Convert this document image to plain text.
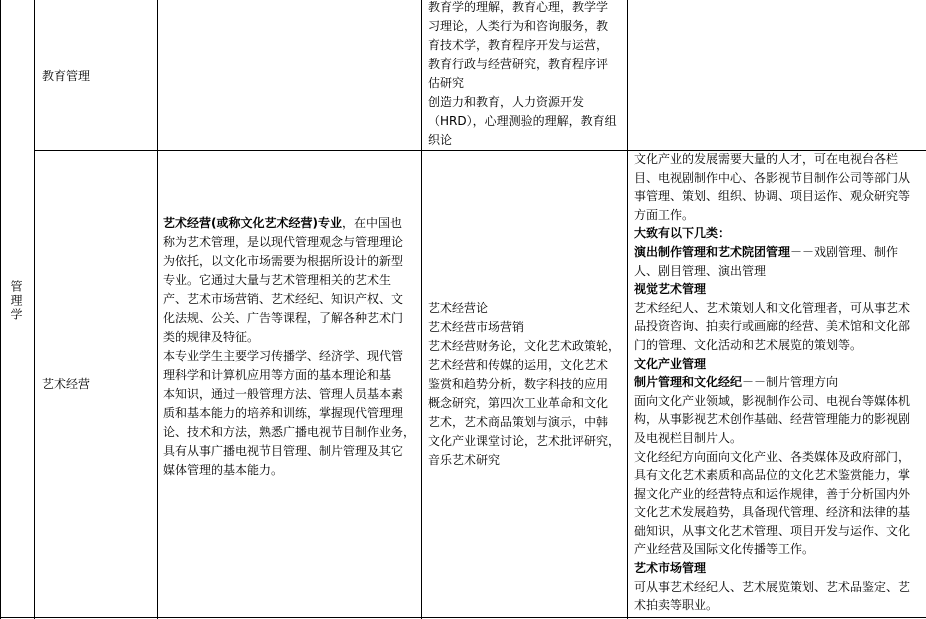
管理学
教育管理
教育学的理解，教育心理，教学学
习理论，人类行为和咨询服务，教
育技术学，教育程序开发与运营，
教育行政与经营研究，教育程序评
估研究
创造力和教育，人力资源开发
（HRD），心理测验的理解，教育组
织论
艺术经营
艺术经营(或称文化艺术经营)专业，在中国也
称为艺术管理，是以现代管理观念与管理理论
为依托，以文化市场需要为根据所设计的新型
专业。它通过大量与艺术管理相关的艺术生
产、艺术市场营销、艺术经纪、知识产权、文
化法规、公关、广告等课程，了解各种艺术门
类的规律及特征。
本专业学生主要学习传播学、经济学、现代管
理科学和计算机应用等方面的基本理论和基
本知识，通过一般管理方法、管理人员基本素
质和基本能力的培养和训练，掌握现代管理理
论、技术和方法，熟悉广播电视节目制作业务，
具有从事广播电视节目管理、制片管理及其它
媒体管理的基本能力。
艺术经营论
艺术经营市场营销
艺术经营财务论，文化艺术政策轮，
艺术经营和传媒的运用，文化艺术
鉴赏和趋势分析，数字科技的应用
概念研究，第四次工业革命和文化
艺术，艺术商品策划与演示，中韩
文化产业课堂讨论，艺术批评研究，
音乐艺术研究
文化产业的发展需要大量的人才，可在电视台各栏
目、电视剧制作中心、各影视节目制作公司等部门从
事管理、策划、组织、协调、项目运作、观众研究等
方面工作。
大致有以下几类：
演出制作管理和艺术院团管理－－戏剧管理、制作
人、剧目管理、演出管理
视觉艺术管理
艺术经纪人、艺术策划人和文化管理者，可从事艺术
品投资咨询、拍卖行或画廊的经营、美术馆和文化部
门的管理、文化活动和艺术展览的策划等。
文化产业管理
制片管理和文化经纪－－制片管理方向
面向文化产业领域，影视制作公司、电视台等媒体机
构，从事影视艺术创作基础、经营管理能力的影视剧
及电视栏目制片人。
文化经纪方向面向文化产业、各类媒体及政府部门，
具有文化艺术素质和高品位的文化艺术鉴赏能力，掌
握文化产业的经营特点和运作规律，善于分析国内外
文化艺术发展趋势，具备现代管理、经济和法律的基
础知识，从事文化艺术管理、项目开发与运作、文化
产业经营及国际文化传播等工作。
艺术市场管理
可从事艺术经纪人、艺术展览策划、艺术品鉴定、艺
术拍卖等职业。
